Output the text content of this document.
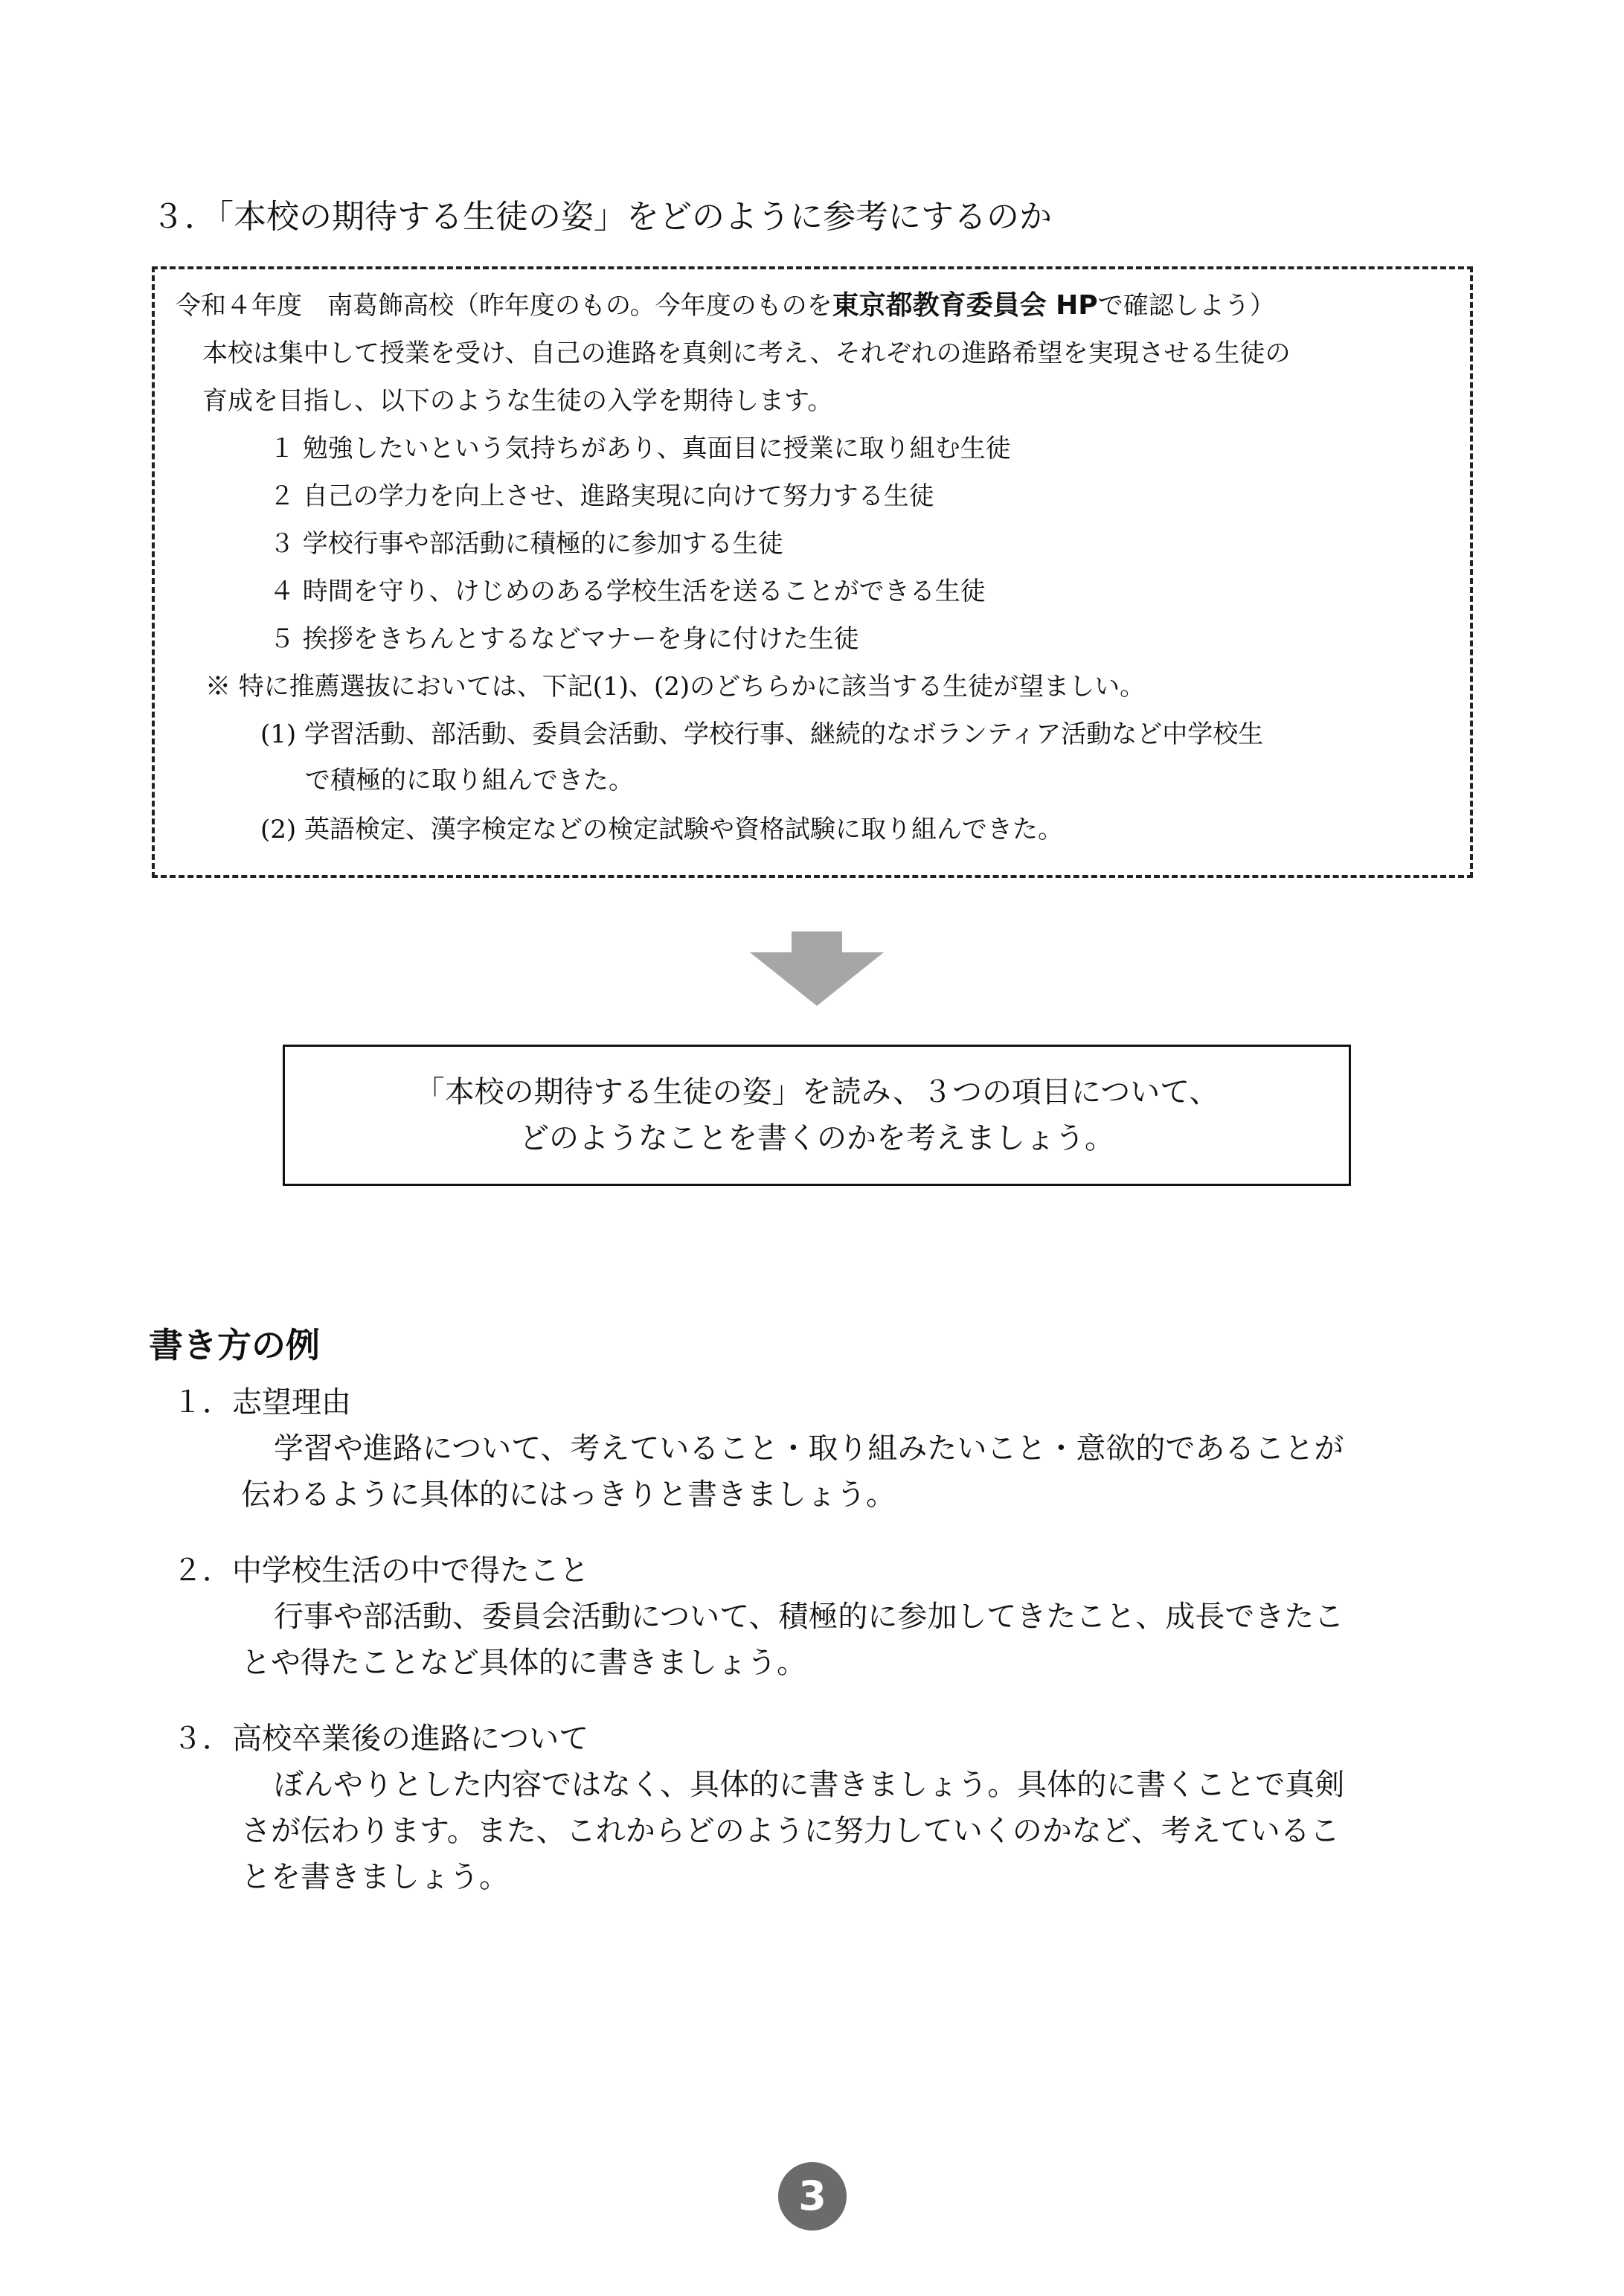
３．「本校の期待する生徒の姿」をどのように参考にするのか
令和４年度　南葛飾高校（昨年度のもの。今年度のものを東京都教育委員会 HPで確認しよう）
本校は集中して授業を受け、自己の進路を真剣に考え、それぞれの進路希望を実現させる生徒の
育成を目指し、以下のような生徒の入学を期待します。
１ 勉強したいという気持ちがあり、真面目に授業に取り組む生徒
２ 自己の学力を向上させ、進路実現に向けて努力する生徒
３ 学校行事や部活動に積極的に参加する生徒
４ 時間を守り、けじめのある学校生活を送ることができる生徒
５ 挨拶をきちんとするなどマナーを身に付けた生徒
※ 特に推薦選抜においては、下記(1)、(2)のどちらかに該当する生徒が望ましい。
(1) 学習活動、部活動、委員会活動、学校行事、継続的なボランティア活動など中学校生
で積極的に取り組んできた。
(2) 英語検定、漢字検定などの検定試験や資格試験に取り組んできた。
「本校の期待する生徒の姿」を読み、３つの項目について、
どのようなことを書くのかを考えましょう。
書き方の例
１．志望理由
学習や進路について、考えていること・取り組みたいこと・意欲的であることが
伝わるように具体的にはっきりと書きましょう。
２．中学校生活の中で得たこと
行事や部活動、委員会活動について、積極的に参加してきたこと、成長できたこ
とや得たことなど具体的に書きましょう。
３．高校卒業後の進路について
ぼんやりとした内容ではなく、具体的に書きましょう。具体的に書くことで真剣
さが伝わります。また、これからどのように努力していくのかなど、考えているこ
とを書きましょう。
3
